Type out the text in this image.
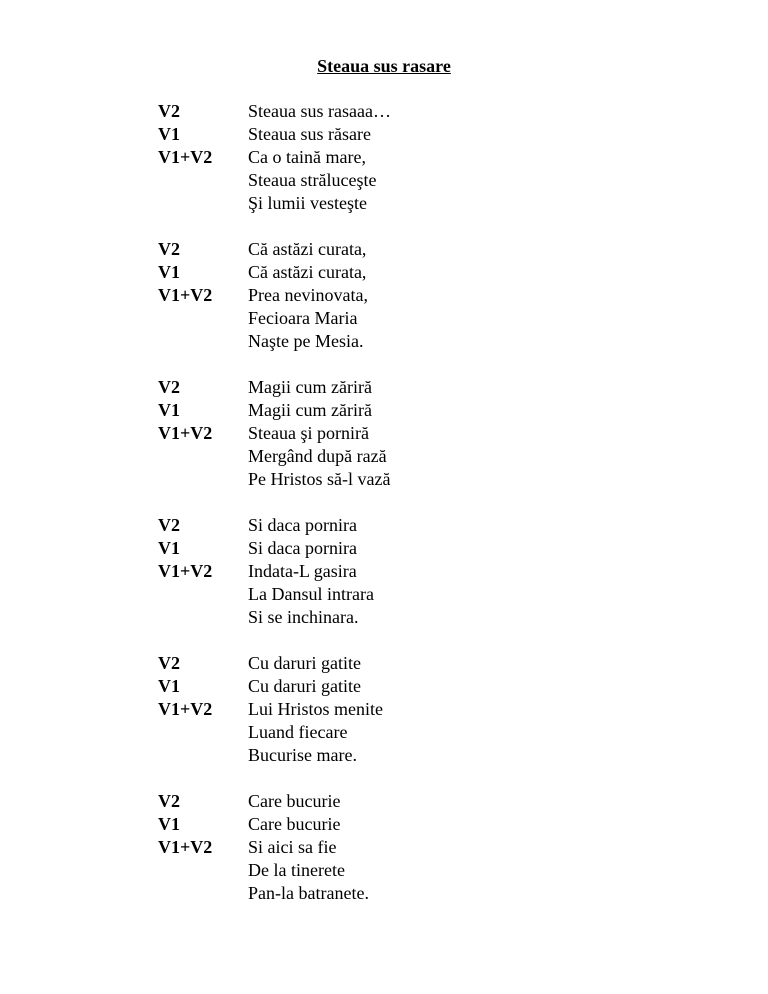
Steaua sus rasare
V2	Steaua sus rasaaa…
V1	Steaua sus răsare
V1+V2	Ca o taină mare,
Steaua străluceşte
Şi lumii vesteşte
V2	Că astăzi curata,
V1	Că astăzi curata,
V1+V2	Prea nevinovata,
Fecioara Maria
Naşte pe Mesia.
V2	Magii cum zăriră
V1	Magii cum zăriră
V1+V2	Steaua şi porniră
Mergând după rază
Pe Hristos să-l vază
V2	Si daca pornira
V1	Si daca pornira
V1+V2	Indata-L gasira
La Dansul intrara
Si se inchinara.
V2	Cu daruri gatite
V1	Cu daruri gatite
V1+V2	Lui Hristos menite
Luand fiecare
Bucurise mare.
V2	Care bucurie
V1	Care bucurie
V1+V2	Si aici sa fie
De la tinerete
Pan-la batranete.
